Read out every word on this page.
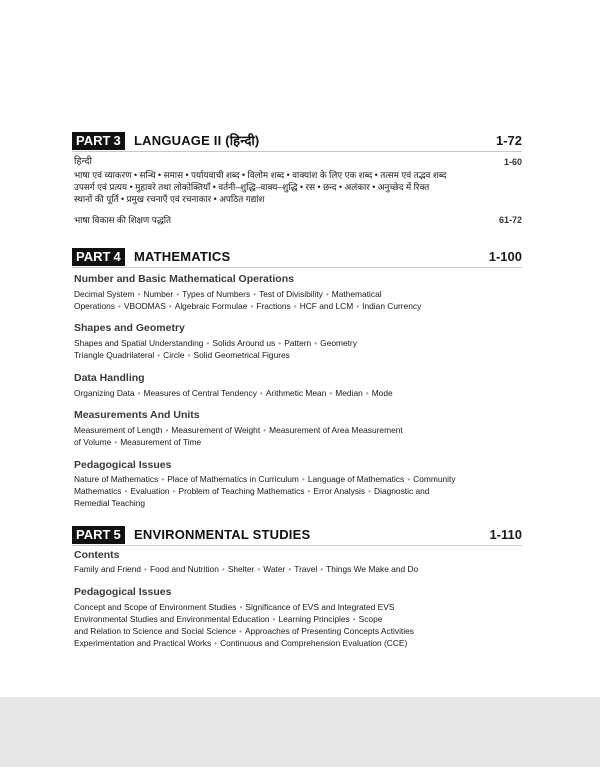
PART 3	LANGUAGE II (हिन्दी)	1-72
हिन्दी	1-60
भाषा एवं व्याकरण • सन्धि • समास • पर्यायवाची शब्द • विलोम शब्द • वाक्यांश के लिए एक शब्द • तत्सम एवं तद्भव शब्द
उपसर्ग एवं प्रत्यय • मुहावरे तथा लोकोक्तियाँ • वर्तनी–शुद्धि–वाक्य–शुद्धि • रस • छन्द • अलंकार • अनुच्छेद में रिक्त
स्थानों की पूर्ति • प्रमुख रचनाएँ एवं रचनाकार • अपठित गद्यांश
भाषा विकास की शिक्षण पद्धति	61-72
PART 4	MATHEMATICS	1-100
Number and Basic Mathematical Operations
Decimal System • Number • Types of Numbers • Test of Divisibility • Mathematical
Operations • VBODMAS • Algebraic Formulae • Fractions • HCF and LCM • Indian Currency
Shapes and Geometry
Shapes and Spatial Understanding • Solids Around us • Pattern • Geometry
Triangle Quadrilateral • Circle • Solid Geometrical Figures
Data Handling
Organizing Data • Measures of Central Tendency • Arithmetic Mean • Median • Mode
Measurements And Units
Measurement of Length • Measurement of Weight • Measurement of Area Measurement
of Volume • Measurement of Time
Pedagogical Issues
Nature of Mathematics • Place of Mathematics in Curriculum • Language of Mathematics • Community
Mathematics • Evaluation • Problem of Teaching Mathematics • Error Analysis • Diagnostic and
Remedial Teaching
PART 5	ENVIRONMENTAL STUDIES	1-110
Contents
Family and Friend • Food and Nutrition • Shelter • Water • Travel • Things We Make and Do
Pedagogical Issues
Concept and Scope of Environment Studies • Significance of EVS and Integrated EVS
Environmental Studies and Environmental Education • Learning Principles • Scope
and Relation to Science and Social Science • Approaches of Presenting Concepts Activities
Experimentation and Practical Works • Continuous and Comprehension Evaluation (CCE)
